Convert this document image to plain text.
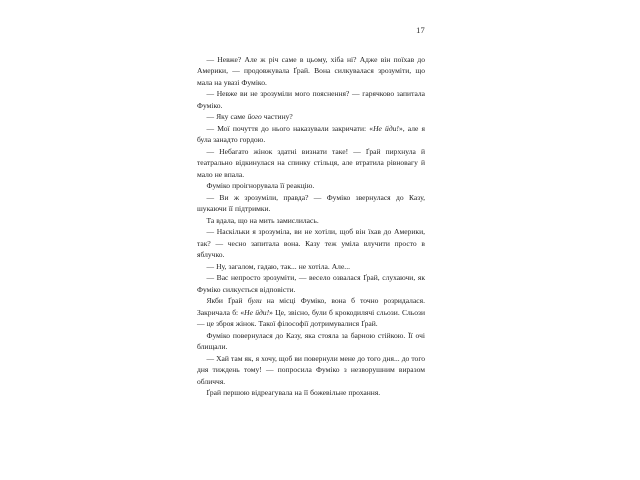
17

— Невже? Але ж річ саме в цьому, хіба ні? Адже він поїхав до Америки, — продовжувала Ґрай. Вона силкувалася зрозуміти, що мала на увазі Фуміко.

— Невже ви не зрозуміли мого пояснення? — гарячково запитала Фуміко.

— Яку саме його частину?

— Мої почуття до нього наказували закричати: «Не йди!», але я була занадто гордою.

— Небагато жінок здатні визнати таке! — Ґрай пирхнула й театрально відкинулася на спинку стільця, але втратила рівновагу й мало не впала.

Фуміко проігнорувала її реакцію.

— Ви ж зрозуміли, правда? — Фуміко звернулася до Казу, шукаючи її підтримки.

Та вдала, що на мить замислилась.

— Наскільки я зрозуміла, ви не хотіли, щоб він їхав до Америки, так? — чесно запитала вона. Казу теж уміла влучити просто в яблучко.

— Ну, загалом, гадаю, так... не хотіла. Але...

— Вас непросто зрозуміти, — весело озвалася Ґрай, слухаючи, як Фуміко силкується відповісти.

Якби Ґрай були на місці Фуміко, вона б точно розридалася. Закричала б: «Не йди!» Це, звісно, були б крокодилячі сльози. Сльози — це зброя жінок. Такої філософії дотримувалися Ґрай.

Фуміко повернулася до Казу, яка стояла за барною стійкою. Її очі блищали.

— Хай там як, я хочу, щоб ви повернули мене до того дня... до того дня тиждень тому! — попросила Фуміко з незворушним виразом обличчя.

Ґрай першою відреагувала на її божевільне прохання.
